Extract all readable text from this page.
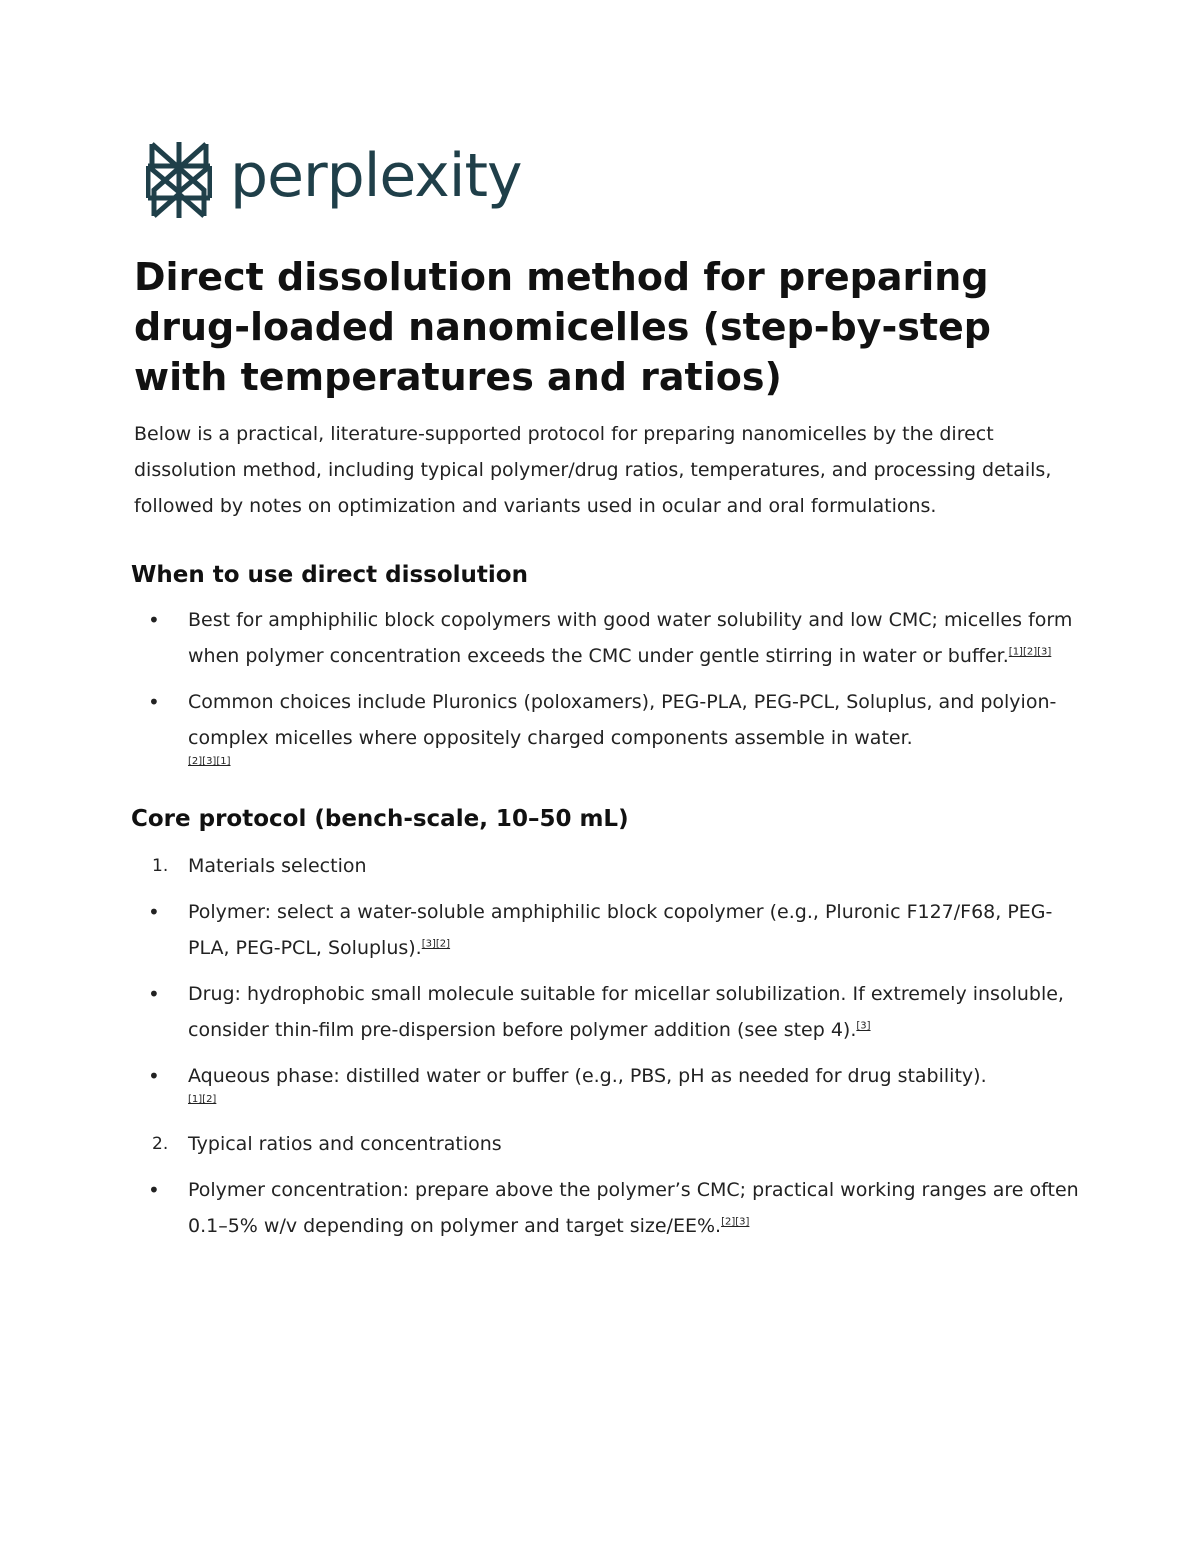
perplexity
Direct dissolution method for preparing drug-loaded nanomicelles (step-by-step with temperatures and ratios)

Below is a practical, literature-supported protocol for preparing nanomicelles by the direct dissolution method, including typical polymer/drug ratios, temperatures, and processing details, followed by notes on optimization and variants used in ocular and oral formulations.

When to use direct dissolution
• Best for amphiphilic block copolymers with good water solubility and low CMC; micelles form when polymer concentration exceeds the CMC under gentle stirring in water or buffer.[1][2][3]
• Common choices include Pluronics (poloxamers), PEG-PLA, PEG-PCL, Soluplus, and polyion-complex micelles where oppositely charged components assemble in water.
[2][3][1]
Core protocol (bench-scale, 10–50 mL)
1. Materials selection
• Polymer: select a water-soluble amphiphilic block copolymer (e.g., Pluronic F127/F68, PEG-PLA, PEG-PCL, Soluplus).[3][2]
• Drug: hydrophobic small molecule suitable for micellar solubilization. If extremely insoluble, consider thin-film pre-dispersion before polymer addition (see step 4).[3]
• Aqueous phase: distilled water or buffer (e.g., PBS, pH as needed for drug stability).
[1][2]
2. Typical ratios and concentrations
• Polymer concentration: prepare above the polymer’s CMC; practical working ranges are often 0.1–5% w/v depending on polymer and target size/EE%.[2][3]
